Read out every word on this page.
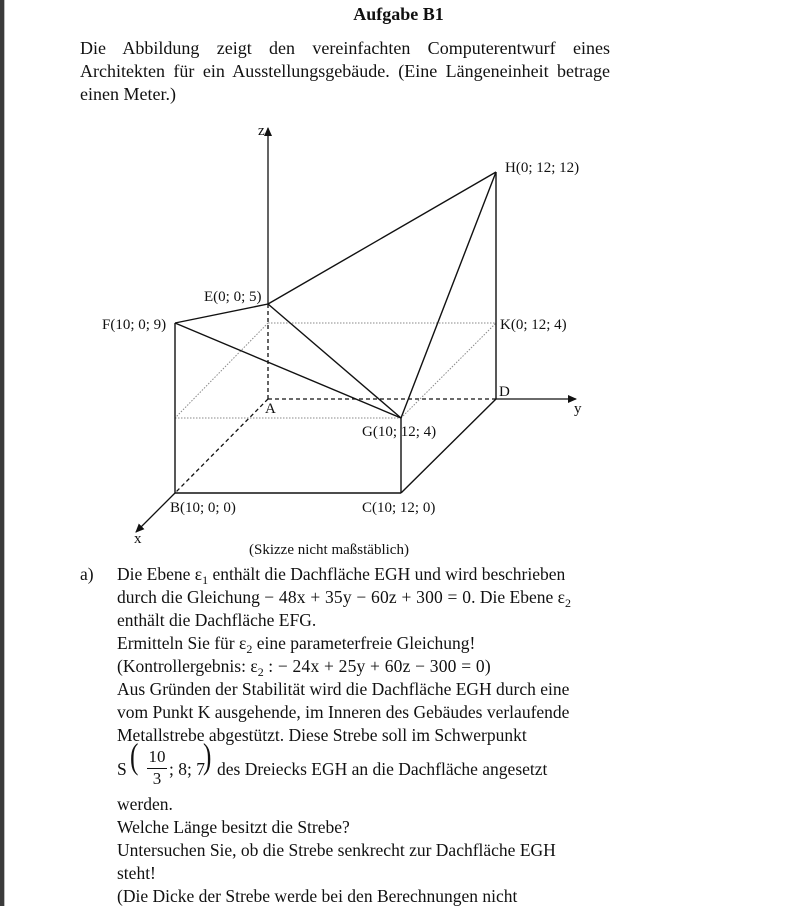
Aufgabe B1
Die Abbildung zeigt den vereinfachten Computerentwurf eines
Architekten für ein Ausstellungsgebäude. (Eine Längeneinheit betrage
einen Meter.)
z
y
x
H(0; 12; 12)
E(0; 0; 5)
F(10; 0; 9)	K(0; 12; 4)
D
A
G(10; 12; 4)
B(10; 0; 0)	C(10; 12; 0)
(Skizze nicht maßstäblich)
a) Die Ebene $\varepsilon_1$ enthält die Dachfläche EGH und wird beschrieben
durch die Gleichung − 48x + 35y − 60z + 300 = 0. Die Ebene $\varepsilon_2$
enthält die Dachfläche EFG.
Ermitteln Sie für $\varepsilon_2$ eine parameterfreie Gleichung!
(Kontrollergebnis: $\varepsilon_2$ : − 24x + 25y + 60z − 300 = 0)
Aus Gründen der Stabilität wird die Dachfläche EGH durch eine
vom Punkt K ausgehende, im Inneren des Gebäudes verlaufende
Metallstrebe abgestützt. Diese Strebe soll im Schwerpunkt
S ( $\frac{10}{3}$ ; 8; 7
) des Dreiecks EGH an die Dachfläche angesetzt
werden.
Welche Länge besitzt die Strebe?
Untersuchen Sie, ob die Strebe senkrecht zur Dachfläche EGH
steht!
(Die Dicke der Strebe werde bei den Berechnungen nicht
